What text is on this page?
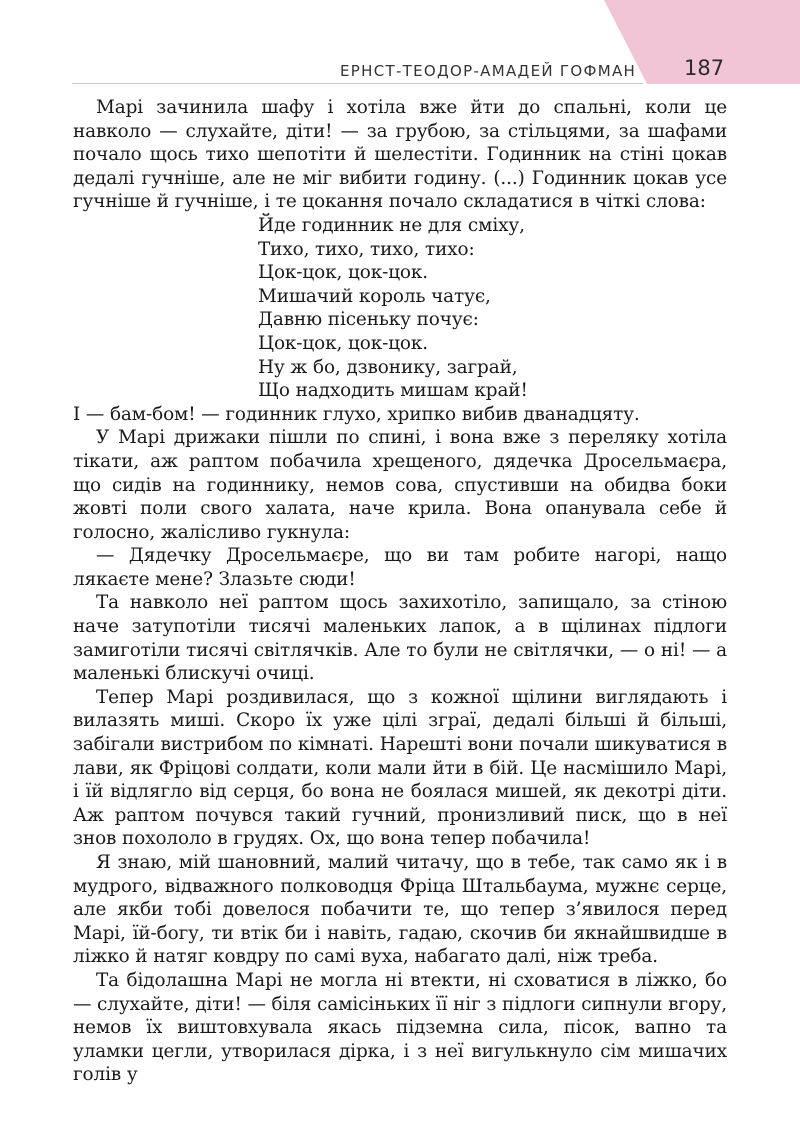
ЕРНСТ-ТЕОДОР-АМАДЕЙ ГОФМАН 187

Марі зачинила шафу і хотіла вже йти до спальні, коли це навколо — слухайте, діти! — за грубою, за стільцями, за шафами почало щось тихо шепотіти й шелестіти. Годинник на стіні цокав дедалі гучніше, але не міг вибити годину. (...) Годинник цокав усе гучніше й гучніше, і те цокання почало складатися в чіткі слова:

Йде годинник не для сміху,
Тихо, тихо, тихо, тихо:
Цок-цок, цок-цок.
Мишачий король чатує,
Давню пісеньку почує:
Цок-цок, цок-цок.
Ну ж бо, дзвонику, заграй,
Що надходить мишам край!

І — бам-бом! — годинник глухо, хрипко вибив дванадцяту.

У Марі дрижаки пішли по спині, і вона вже з переляку хотіла тікати, аж раптом побачила хрещеного, дядечка Дросельмаєра, що сидів на годиннику, немов сова, спустивши на обидва боки жовті поли свого халата, наче крила. Вона опанувала себе й голосно, жалісливо гукнула:

— Дядечку Дросельмаєре, що ви там робите нагорі, нащо лякаєте мене? Злазьте сюди!

Та навколо неї раптом щось захихотіло, запищало, за стіною наче затупотіли тисячі маленьких лапок, а в щілинах підлоги замиготіли тисячі світлячків. Але то були не світлячки, — о ні! — а маленькі блискучі очиці.

Тепер Марі роздивилася, що з кожної щілини виглядають і вилазять миші. Скоро їх уже цілі зграї, дедалі більші й більші, забігали вистрибом по кімнаті. Нарешті вони почали шикуватися в лави, як Фріцові солдати, коли мали йти в бій. Це насмішило Марі, і їй відлягло від серця, бо вона не боялася мишей, як декотрі діти. Аж раптом почувся такий гучний, пронизливий писк, що в неї знов похололо в грудях. Ох, що вона тепер побачила!

Я знаю, мій шановний, малий читачу, що в тебе, так само як і в мудрого, відважного полководця Фріца Штальбаума, мужнє серце, але якби тобі довелося побачити те, що тепер з’явилося перед Марі, їй-богу, ти втік би і навіть, гадаю, скочив би якнайшвидше в ліжко й натяг ковдру по самі вуха, набагато далі, ніж треба.

Та бідолашна Марі не могла ні втекти, ні сховатися в ліжко, бо — слухайте, діти! — біля самісіньких її ніг з підлоги сипнули вгору, немов їх виштовхувала якась підземна сила, пісок, вапно та уламки цегли, утворилася дірка, і з неї вигулькнуло сім мишачих голів у
